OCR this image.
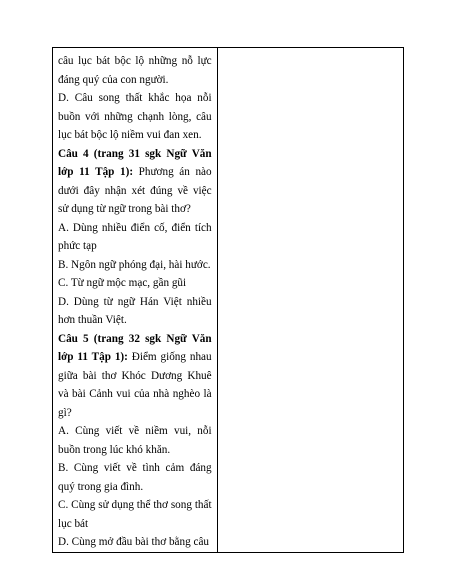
câu lục bát bộc lộ những nỗ lực đáng quý của con người.

D. Câu song thất khắc họa nỗi buồn với những chạnh lòng, câu lục bát bộc lộ niềm vui đan xen.

Câu 4 (trang 31 sgk Ngữ Văn lớp 11 Tập 1): Phương án nào dưới đây nhận xét đúng về việc sử dụng từ ngữ trong bài thơ?

A. Dùng nhiều điển cố, điển tích phức tạp

B. Ngôn ngữ phóng đại, hài hước.

C. Từ ngữ mộc mạc, gần gũi

D. Dùng từ ngữ Hán Việt nhiều hơn thuần Việt.

Câu 5 (trang 32 sgk Ngữ Văn lớp 11 Tập 1): Điểm giống nhau giữa bài thơ Khóc Dương Khuê và bài Cảnh vui của nhà nghèo là gì?

A. Cùng viết về niềm vui, nỗi buồn trong lúc khó khăn.

B. Cùng viết về tình cảm đáng quý trong gia đình.

C. Cùng sử dụng thể thơ song thất lục bát

D. Cùng mở đầu bài thơ bằng câu
